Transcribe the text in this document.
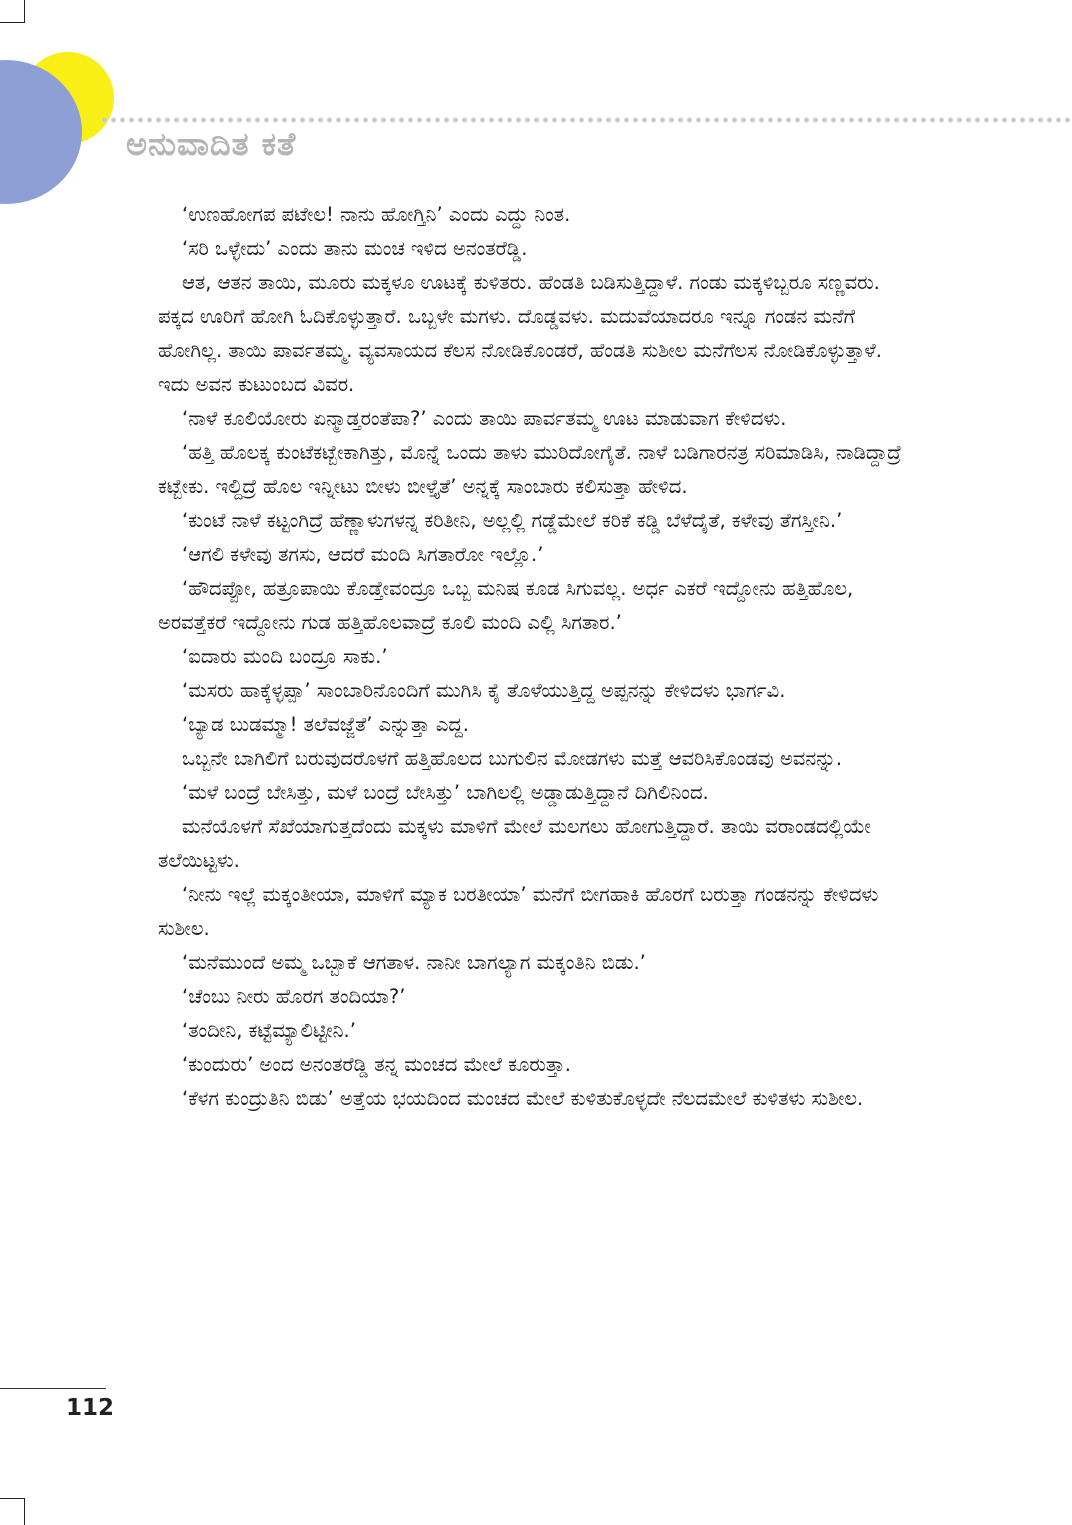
ಅನುವಾದಿತ ಕತೆ

‘ಉಣಹೋಗಪ ಪಟೇಲ! ನಾನು ಹೋಗ್ತಿನಿ’ ಎಂದು ಎದ್ದು ನಿಂತ.

‘ಸರಿ ಒಳ್ಳೇದು’ ಎಂದು ತಾನು ಮಂಚ ಇಳಿದ ಅನಂತರೆಡ್ಡಿ.

ಆತ, ಆತನ ತಾಯಿ, ಮೂರು ಮಕ್ಕಳೂ ಊಟಕ್ಕೆ ಕುಳಿತರು. ಹೆಂಡತಿ ಬಡಿಸುತ್ತಿದ್ದಾಳೆ. ಗಂಡು ಮಕ್ಕಳಿಬ್ಬರೂ ಸಣ್ಣವರು. ಪಕ್ಕದ ಊರಿಗೆ ಹೋಗಿ ಓದಿಕೊಳ್ಳುತ್ತಾರೆ. ಒಬ್ಬಳೇ ಮಗಳು. ದೊಡ್ಡವಳು. ಮದುವೆಯಾದರೂ ಇನ್ನೂ ಗಂಡನ ಮನೆಗೆ ಹೋಗಿಲ್ಲ. ತಾಯಿ ಪಾರ್ವತಮ್ಮ. ವ್ಯವಸಾಯದ ಕೆಲಸ ನೋಡಿಕೊಂಡರೆ, ಹೆಂಡತಿ ಸುಶೀಲ ಮನೆಗೆಲಸ ನೋಡಿಕೊಳ್ಳುತ್ತಾಳೆ. ಇದು ಅವನ ಕುಟುಂಬದ ವಿವರ.

‘ನಾಳೆ ಕೂಲಿಯೋರು ಏನ್ಮಾಡ್ತರಂತೆಪಾ?’ ಎಂದು ತಾಯಿ ಪಾರ್ವತಮ್ಮ ಊಟ ಮಾಡುವಾಗ ಕೇಳಿದಳು.

‘ಹತ್ತಿ ಹೊಲಕ್ಕ ಕುಂಟೆಕಟ್ಬೇಕಾಗಿತ್ತು, ಮೊನ್ನೆ ಒಂದು ತಾಳು ಮುರಿದೋಗೈತೆ. ನಾಳೆ ಬಡಿಗಾರನತ್ರ ಸರಿಮಾಡಿಸಿ, ನಾಡಿದ್ದಾದ್ರೆ ಕಟ್ಬೇಕು. ಇಲ್ದಿದ್ರೆ ಹೊಲ ಇನ್ನೀಟು ಬೀಳು ಬೀಳ್ತೈತೆ’ ಅನ್ನಕ್ಕೆ ಸಾಂಬಾರು ಕಲಿಸುತ್ತಾ ಹೇಳಿದ.

‘ಕುಂಟೆ ನಾಳೆ ಕಟ್ಟಂಗಿದ್ರೆ ಹೆಣ್ಣಾಳುಗಳನ್ನ ಕರಿತೀನಿ, ಅಲ್ಲಲ್ಲಿ ಗಡ್ಡೆಮೇಲೆ ಕರಿಕೆ ಕಡ್ಡಿ ಬೆಳೆದೈತೆ, ಕಳೇವು ತೆಗಸ್ತೀನಿ.’

‘ಆಗಲಿ ಕಳೇವು ತಗಸು, ಆದರೆ ಮಂದಿ ಸಿಗತಾರೋ ಇಲ್ಲೊ.’

‘ಹೌದಪ್ಪೋ, ಹತ್ರೂಪಾಯಿ ಕೊಡ್ತೇವಂದ್ರೂ ಒಬ್ಬ ಮನಿಷ ಕೂಡ ಸಿಗುವಲ್ಲ. ಅರ್ಧ ಎಕರೆ ಇದ್ದೋನು ಹತ್ತಿಹೊಲ, ಅರವತ್ತೆಕರೆ ಇದ್ದೋನು ಗುಡ ಹತ್ತಿಹೊಲವಾದ್ರೆ ಕೂಲಿ ಮಂದಿ ಎಲ್ಲಿ ಸಿಗತಾರ.’

‘ಐದಾರು ಮಂದಿ ಬಂದ್ರೂ ಸಾಕು.’

‘ಮಸರು ಹಾಕ್ಕೆಳ್ಳಪ್ಪಾ’ ಸಾಂಬಾರಿನೊಂದಿಗೆ ಮುಗಿಸಿ ಕೈ ತೊಳೆಯುತ್ತಿದ್ದ ಅಪ್ಪನನ್ನು ಕೇಳಿದಳು ಭಾರ್ಗವಿ.

‘ಬ್ಯಾಡ ಬುಡಮ್ಮಾ! ತಲೆವಜ್ಜೆತೆ’ ಎನ್ನುತ್ತಾ ಎದ್ದ.

ಒಬ್ಬನೇ ಬಾಗಿಲಿಗೆ ಬರುವುದರೊಳಗೆ ಹತ್ತಿಹೊಲದ ಬುಗುಲಿನ ಮೋಡಗಳು ಮತ್ತೆ ಆವರಿಸಿಕೊಂಡವು ಅವನನ್ನು.

‘ಮಳೆ ಬಂದ್ರೆ ಬೇಸಿತ್ತು, ಮಳೆ ಬಂದ್ರೆ ಬೇಸಿತ್ತು’ ಬಾಗಿಲಲ್ಲಿ ಅಡ್ಡಾಡುತ್ತಿದ್ದಾನೆ ದಿಗಿಲಿನಿಂದ.

ಮನೆಯೊಳಗೆ ಸೆಖೆಯಾಗುತ್ತದೆಂದು ಮಕ್ಕಳು ಮಾಳಿಗೆ ಮೇಲೆ ಮಲಗಲು ಹೋಗುತ್ತಿದ್ದಾರೆ. ತಾಯಿ ವರಾಂಡದಲ್ಲಿಯೇ ತಲೆಯಿಟ್ಟಳು.

‘ನೀನು ಇಲ್ಲೆ ಮಕ್ಕಂತೀಯಾ, ಮಾಳಿಗೆ ಮ್ಯಾಕ ಬರತೀಯಾ’ ಮನೆಗೆ ಬೀಗಹಾಕಿ ಹೊರಗೆ ಬರುತ್ತಾ ಗಂಡನನ್ನು ಕೇಳಿದಳು ಸುಶೀಲ.

‘ಮನೆಮುಂದೆ ಅಮ್ಮ ಒಬ್ಬಾಕೆ ಆಗತಾಳ. ನಾನೀ ಬಾಗಲ್ಯಾಗ ಮಕ್ಕಂತಿನಿ ಬಿಡು.’

‘ಚೆಂಬು ನೀರು ಹೊರಗ ತಂದಿಯಾ?’

‘ತಂದೀನಿ, ಕಟ್ಟೆಮ್ಯಾಲಿಟ್ಟೀನಿ.’

‘ಕುಂದುರು’ ಅಂದ ಅನಂತರೆಡ್ಡಿ ತನ್ನ ಮಂಚದ ಮೇಲೆ ಕೂರುತ್ತಾ.

‘ಕೆಳಗ ಕುಂದ್ರುತಿನಿ ಬಿಡು’ ಅತ್ತೆಯ ಭಯದಿಂದ ಮಂಚದ ಮೇಲೆ ಕುಳಿತುಕೊಳ್ಳದೇ ನೆಲದಮೇಲೆ ಕುಳಿತಳು ಸುಶೀಲ.

112
